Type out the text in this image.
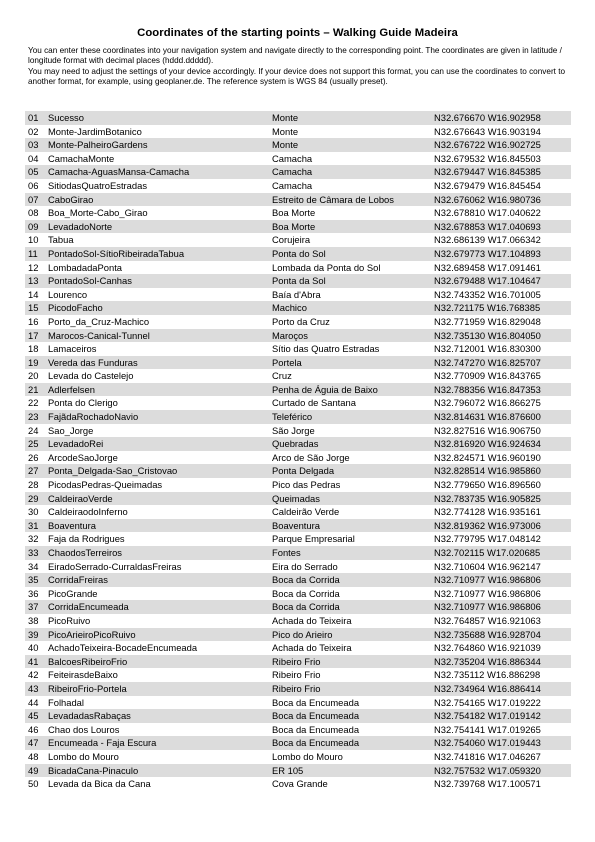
Coordinates of the starting points – Walking Guide Madeira

You can enter these coordinates into your navigation system and navigate directly to the corresponding point. The coordinates are given in latitude / longitude format with decimal places (hddd.ddddd).

You may need to adjust the settings of your device accordingly. If your device does not support this format, you can use the coordinates to convert to another format, for example, using geoplaner.de. The reference system is WGS 84 (usually preset).

01 Sucesso	Monte	N32.676670 W16.902958
02 Monte-JardimBotanico	Monte	N32.676643 W16.903194
03 Monte-PalheiroGardens	Monte	N32.676722 W16.902725
04 CamachaMonte	Camacha	N32.679532 W16.845503
05 Camacha-AguasMansa-Camacha	Camacha	N32.679447 W16.845385
06 SitiodasQuatroEstradas	Camacha	N32.679479 W16.845454
07 CaboGirao	Estreito de Câmara de Lobos	N32.676062 W16.980736
08 Boa_Morte-Cabo_Girao	Boa Morte	N32.678810 W17.040622
09 LevadadoNorte	Boa Morte	N32.678853 W17.040693
10 Tabua	Corujeira	N32.686139 W17.066342
11 PontadoSol-SítioRibeiradaTabua	Ponta do Sol	N32.679773 W17.104893
12 LombadadaPonta	Lombada da Ponta do Sol	N32.689458 W17.091461
13 PontadoSol-Canhas	Ponta da Sol	N32.679488 W17.104647
14 Lourenco	Baía d'Abra	N32.743352 W16.701005
15 PicodoFacho	Machico	N32.721175 W16.768385
16 Porto_da_Cruz-Machico	Porto da Cruz	N32.771959 W16.829048
17 Marocos-Canical-Tunnel	Maroços	N32.735130 W16.804050
18 Lamaceiros	Sítio das Quatro Estradas	N32.712001 W16.830300
19 Vereda das Funduras	Portela	N32.747270 W16.825707
20 Levada do Castelejo	Cruz	N32.770909 W16.843765
21 Adlerfelsen	Penha de Águia de Baixo	N32.788356 W16.847353
22 Ponta do Clerigo	Curtado de Santana	N32.796072 W16.866275
23 FajãdaRochadoNavio	Teleférico	N32.814631 W16.876600
24 Sao_Jorge	São Jorge	N32.827516 W16.906750
25 LevadadoRei	Quebradas	N32.816920 W16.924634
26 ArcodeSaoJorge	Arco de São Jorge	N32.824571 W16.960190
27 Ponta_Delgada-Sao_Cristovao	Ponta Delgada	N32.828514 W16.985860
28 PicodasPedras-Queimadas	Pico das Pedras	N32.779650 W16.896560
29 CaldeiraoVerde	Queimadas	N32.783735 W16.905825
30 CaldeiraodoInferno	Caldeirão Verde	N32.774128 W16.935161
31 Boaventura	Boaventura	N32.819362 W16.973006
32 Faja da Rodrigues	Parque Empresarial	N32.779795 W17.048142
33 ChaodosTerreiros	Fontes	N32.702115 W17.020685
34 EiradoSerrado-CurraldasFreiras	Eira do Serrado	N32.710604 W16.962147
35 CorridaFreiras	Boca da Corrida	N32.710977 W16.986806
36 PicoGrande	Boca da Corrida	N32.710977 W16.986806
37 CorridaEncumeada	Boca da Corrida	N32.710977 W16.986806
38 PicoRuivo	Achada do Teixeira	N32.764857 W16.921063
39 PicoArieiroPicoRuivo	Pico do Arieiro	N32.735688 W16.928704
40 AchadoTeixeira-BocadeEncumeada	Achada do Teixeira	N32.764860 W16.921039
41 BalcoesRibeiroFrio	Ribeiro Frio	N32.735204 W16.886344
42 FeiteirasdeBaixo	Ribeiro Frio	N32.735112 W16.886298
43 RibeiroFrio-Portela	Ribeiro Frio	N32.734964 W16.886414
44 Folhadal	Boca da Encumeada	N32.754165 W17.019222
45 LevadadasRabaças	Boca da Encumeada	N32.754182 W17.019142
46 Chao dos Louros	Boca da Encumeada	N32.754141 W17.019265
47 Encumeada - Faja Escura	Boca da Encumeada	N32.754060 W17.019443
48 Lombo do Mouro	Lombo do Mouro	N32.741816 W17.046267
49 BicadaCana-Pinaculo	ER 105	N32.757532 W17.059320
50 Levada da Bica da Cana	Cova Grande	N32.739768 W17.100571
